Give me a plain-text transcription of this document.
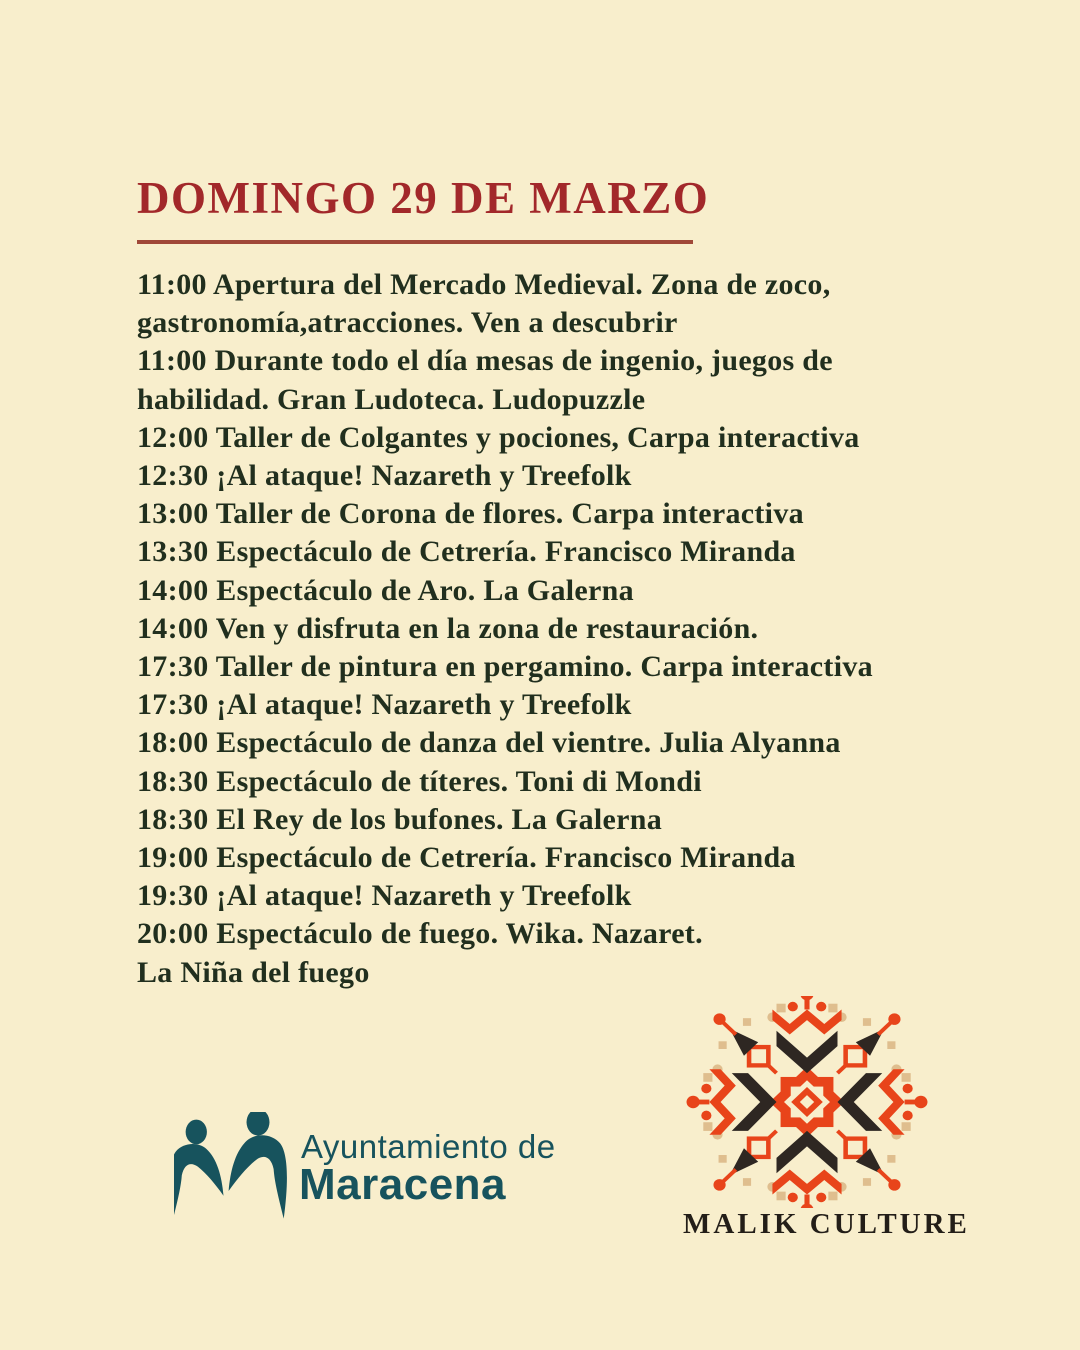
DOMINGO 29 DE MARZO
11:00 Apertura del Mercado Medieval. Zona de zoco,
gastronomía,atracciones. Ven a descubrir
11:00 Durante todo el día mesas de ingenio, juegos de
habilidad. Gran Ludoteca. Ludopuzzle
12:00 Taller de Colgantes y pociones, Carpa interactiva
12:30 ¡Al ataque! Nazareth y Treefolk
13:00 Taller de Corona de flores. Carpa interactiva
13:30 Espectáculo de Cetrería. Francisco Miranda
14:00 Espectáculo de Aro. La Galerna
14:00 Ven y disfruta en la zona de restauración.
17:30 Taller de pintura en pergamino. Carpa interactiva
17:30 ¡Al ataque! Nazareth y Treefolk
18:00 Espectáculo de danza del vientre. Julia Alyanna
18:30 Espectáculo de títeres. Toni di Mondi
18:30 El Rey de los bufones. La Galerna
19:00 Espectáculo de Cetrería. Francisco Miranda
19:30 ¡Al ataque! Nazareth y Treefolk
20:00 Espectáculo de fuego. Wika. Nazaret.
La Niña del fuego
Ayuntamiento de
Maracena
MALIK CULTURE
